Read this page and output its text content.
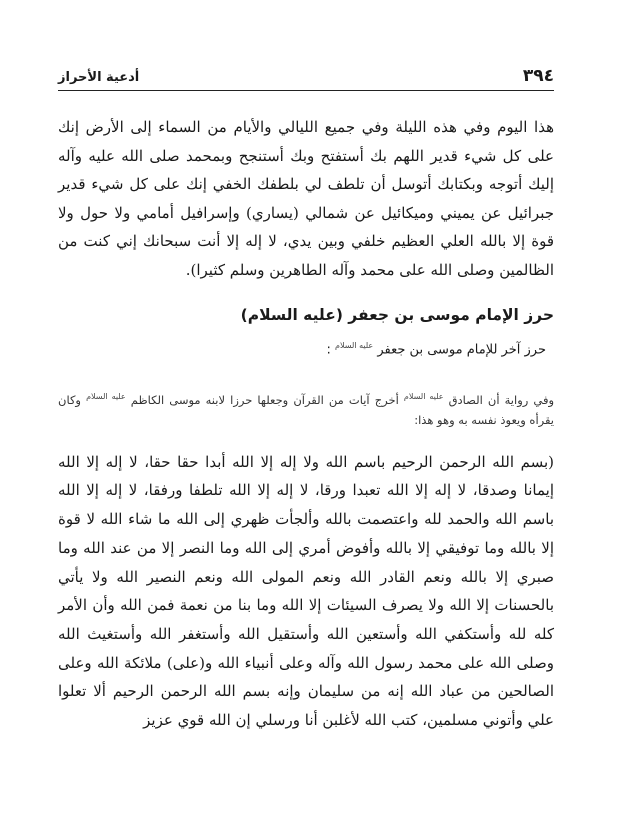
٣٩٤
أدعية الأحراز

هذا اليوم وفي هذه الليلة وفي جميع الليالي والأيام من السماء إلى الأرض إنك على كل شيء قدير اللهم بك أستفتح وبك أستنجح وبمحمد صلى الله عليه وآله إليك أتوجه وبكتابك أتوسل أن تلطف لي بلطفك الخفي إنك على كل شيء قدير جبرائيل عن يميني وميكائيل عن شمالي (يساري) وإسرافيل أمامي ولا حول ولا قوة إلا بالله العلي العظيم خلفي وبين يدي، لا إله إلا أنت سبحانك إني كنت من الظالمين وصلى الله على محمد وآله الطاهرين وسلم كثيرا).

حرز الإمام موسى بن جعفر (عليه السلام)

حرز آخر للإمام موسى بن جعفر $^{عليه السلام}$ :

وفي رواية أن الصادق $^{عليه السلام}$ أخرج آيات من القرآن وجعلها حرزا لابنه موسى الكاظم $^{عليه السلام}$ وكان يقرأه ويعوذ نفسه به وهو هذا:

(بسم الله الرحمن الرحيم باسم الله ولا إله إلا الله أبدا حقا حقا، لا إله إلا الله إيمانا وصدقا، لا إله إلا الله تعبدا ورقا، لا إله إلا الله تلطفا ورفقا، لا إله إلا الله باسم الله والحمد لله واعتصمت بالله وألجأت ظهري إلى الله ما شاء الله لا قوة إلا بالله وما توفيقي إلا بالله وأفوض أمري إلى الله وما النصر إلا من عند الله وما صبري إلا بالله ونعم القادر الله ونعم المولى الله ونعم النصير الله ولا يأتي بالحسنات إلا الله ولا يصرف السيئات إلا الله وما بنا من نعمة فمن الله وأن الأمر كله لله وأستكفي الله وأستعين الله وأستقيل الله وأستغفر الله وأستغيث الله وصلى الله على محمد رسول الله وآله وعلى أنبياء الله و(على) ملائكة الله وعلى الصالحين من عباد الله إنه من سليمان وإنه بسم الله الرحمن الرحيم ألا تعلوا علي وأتوني مسلمين، كتب الله لأغلبن أنا ورسلي إن الله قوي عزيز
